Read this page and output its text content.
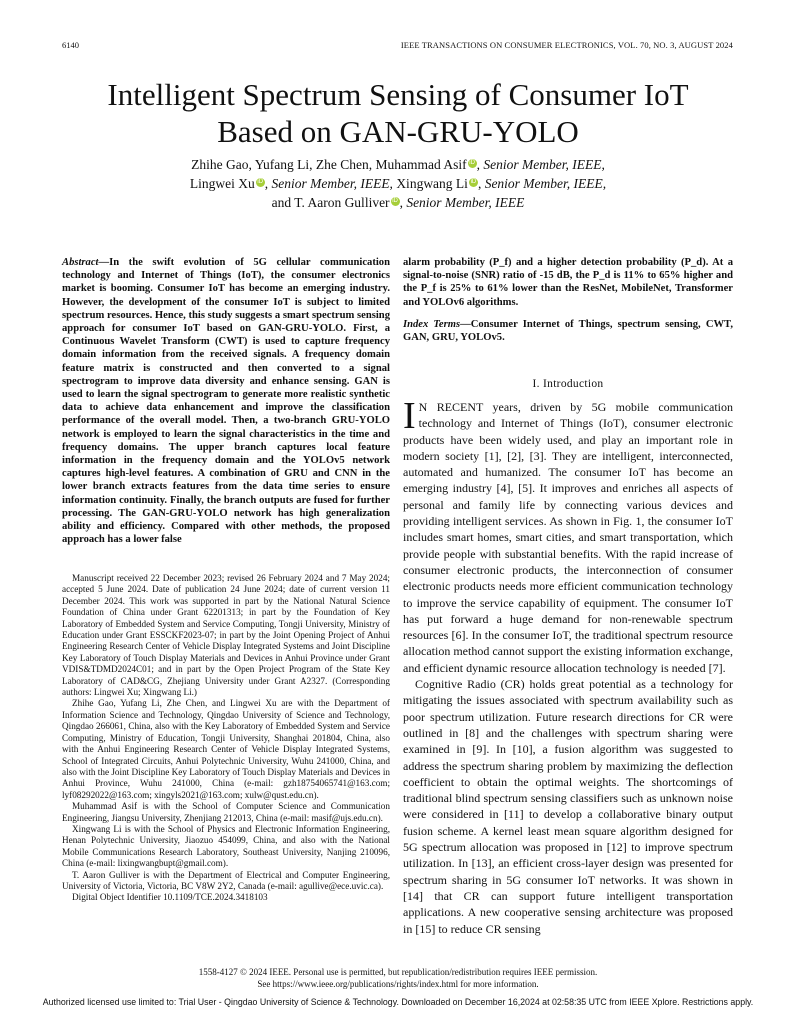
6140	IEEE TRANSACTIONS ON CONSUMER ELECTRONICS, VOL. 70, NO. 3, AUGUST 2024
Intelligent Spectrum Sensing of Consumer IoT
Based on GAN-GRU-YOLO
Zhihe Gao, Yufang Li, Zhe Chen, Muhammad Asif iD , Senior Member, IEEE,
Lingwei Xu iD , Senior Member, IEEE, Xingwang Li iD , Senior Member, IEEE,
and T. Aaron Gulliver iD , Senior Member, IEEE
Abstract—In the swift evolution of 5G cellular communication technology and Internet of Things (IoT), the consumer electronics market is booming. Consumer IoT has become an emerging industry. However, the development of the consumer IoT is subject to limited spectrum resources. Hence, this study suggests a smart spectrum sensing approach for consumer IoT based on GAN-GRU-YOLO. First, a Continuous Wavelet Transform (CWT) is used to capture frequency domain information from the received signals. A frequency domain feature matrix is constructed and then converted to a signal spectrogram to improve data diversity and enhance sensing. GAN is used to learn the signal spectrogram to generate more realistic synthetic data to achieve data enhancement and improve the classification performance of the overall model. Then, a two-branch GRU-YOLO network is employed to learn the signal characteristics in the time and frequency domains. The upper branch captures local feature information in the frequency domain and the YOLOv5 network captures high-level features. A combination of GRU and CNN in the lower branch extracts features from the data time series to ensure information continuity. Finally, the branch outputs are fused for further processing. The GAN-GRU-YOLO network has high generalization ability and efficiency. Compared with other methods, the proposed approach has a lower false
alarm probability (P_f) and a higher detection probability (P_d). At a signal-to-noise (SNR) ratio of -15 dB, the P_d is 11% to 65% higher and the P_f is 25% to 61% lower than the ResNet, MobileNet, Transformer and YOLOv6 algorithms.
Index Terms—Consumer Internet of Things, spectrum sensing, CWT, GAN, GRU, YOLOv5.

Manuscript received 22 December 2023; revised 26 February 2024 and 7 May 2024; accepted 5 June 2024. Date of publication 24 June 2024; date of current version 11 December 2024. This work was supported in part by the National Natural Science Foundation of China under Grant 62201313; in part by the Foundation of Key Laboratory of Embedded System and Service Computing, Tongji University, Ministry of Education under Grant ESSCKF2023-07; in part by the Joint Opening Project of Anhui Engineering Research Center of Vehicle Display Integrated Systems and Joint Discipline Key Laboratory of Touch Display Materials and Devices in Anhui Province under Grant VDIS&TDMD2024C01; and in part by the Open Project Program of the State Key Laboratory of CAD&CG, Zhejiang University under Grant A2327. (Corresponding authors: Lingwei Xu; Xingwang Li.)

Zhihe Gao, Yufang Li, Zhe Chen, and Lingwei Xu are with the Department of Information Science and Technology, Qingdao University of Science and Technology, Qingdao 266061, China, also with the Key Laboratory of Embedded System and Service Computing, Ministry of Education, Tongji University, Shanghai 201804, China, also with the Anhui Engineering Research Center of Vehicle Display Integrated Systems, School of Integrated Circuits, Anhui Polytechnic University, Wuhu 241000, China, and also with the Joint Discipline Key Laboratory of Touch Display Materials and Devices in Anhui Province, Wuhu 241000, China (e-mail: gzh18754065741@163.com; lyf08292022@163.com; xingyls2021@163.com; xulw@qust.edu.cn).

Muhammad Asif is with the School of Computer Science and Communication Engineering, Jiangsu University, Zhenjiang 212013, China (e-mail: masif@ujs.edu.cn).

Xingwang Li is with the School of Physics and Electronic Information Engineering, Henan Polytechnic University, Jiaozuo 454099, China, and also with the National Mobile Communications Research Laboratory, Southeast University, Nanjing 210096, China (e-mail: lixingwangbupt@gmail.com).

T. Aaron Gulliver is with the Department of Electrical and Computer Engineering, University of Victoria, Victoria, BC V8W 2Y2, Canada (e-mail: agullive@ece.uvic.ca).

Digital Object Identifier 10.1109/TCE.2024.3418103

I. Introduction

I N RECENT years, driven by 5G mobile communication technology and Internet of Things (IoT), consumer electronic products have been widely used, and play an important role in modern society [1], [2], [3]. They are intelligent, interconnected, automated and humanized. The consumer IoT has become an emerging industry [4], [5]. It improves and enriches all aspects of personal and family life by connecting various devices and providing intelligent services. As shown in Fig. 1, the consumer IoT includes smart homes, smart cities, and smart transportation, which provide people with substantial benefits. With the rapid increase of consumer electronic products, the interconnection of consumer electronic products needs more efficient communication technology to improve the service capability of equipment. The consumer IoT has put forward a huge demand for non-renewable spectrum resources [6]. In the consumer IoT, the traditional spectrum resource allocation method cannot support the existing information exchange, and efficient dynamic resource allocation technology is needed [7].

Cognitive Radio (CR) holds great potential as a technology for mitigating the issues associated with spectrum availability such as poor spectrum utilization. Future research directions for CR were outlined in [8] and the challenges with spectrum sharing were examined in [9]. In [10], a fusion algorithm was suggested to address the spectrum sharing problem by maximizing the deflection coefficient to obtain the optimal weights. The shortcomings of traditional blind spectrum sensing classifiers such as unknown noise were considered in [11] to develop a collaborative binary output fusion scheme. A kernel least mean square algorithm designed for 5G spectrum allocation was proposed in [12] to improve spectrum utilization. In [13], an efficient cross-layer design was presented for spectrum sharing in 5G consumer IoT networks. It was shown in [14] that CR can support future intelligent transportation applications. A new cooperative sensing architecture was proposed in [15] to reduce CR sensing

1558-4127 © 2024 IEEE. Personal use is permitted, but republication/redistribution requires IEEE permission.
See https://www.ieee.org/publications/rights/index.html for more information.
Authorized licensed use limited to: Trial User - Qingdao University of Science & Technology. Downloaded on December 16,2024 at 02:58:35 UTC from IEEE Xplore. Restrictions apply.
